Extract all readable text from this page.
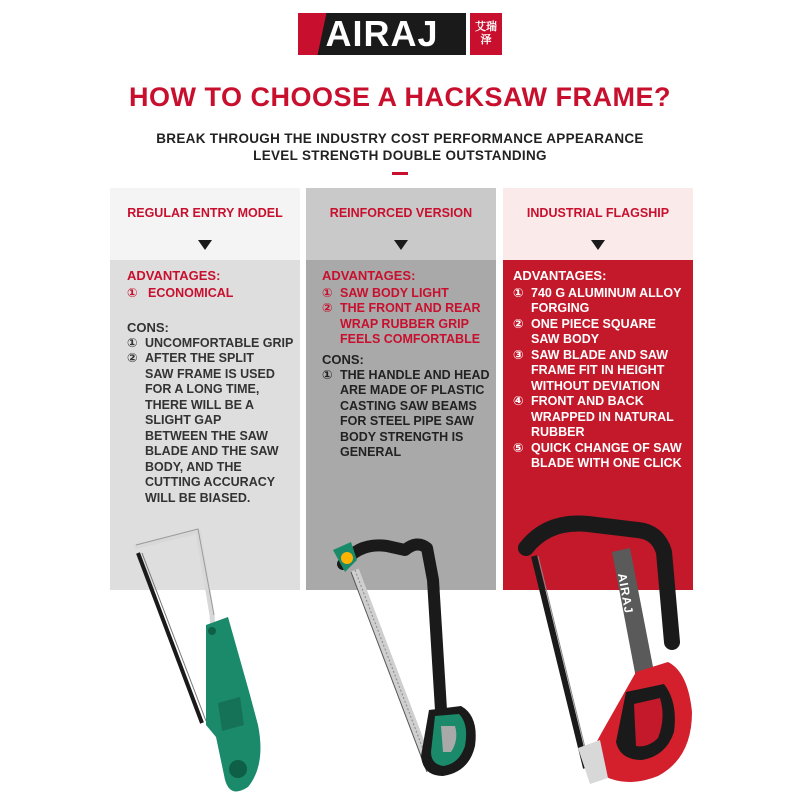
AIRAJ	艾瑞泽
HOW TO CHOOSE A HACKSAW FRAME?
BREAK THROUGH THE INDUSTRY COST PERFORMANCE APPEARANCE
LEVEL STRENGTH DOUBLE OUTSTANDING
REGULAR ENTRY MODEL
ADVANTAGES:
① ECONOMICAL
CONS:
① UNCOMFORTABLE GRIP
② AFTER THE SPLIT SAW FRAME IS USED FOR A LONG TIME, THERE WILL BE A SLIGHT GAP BETWEEN THE SAW BLADE AND THE SAW BODY, AND THE CUTTING ACCURACY WILL BE BIASED.
REINFORCED VERSION
ADVANTAGES:
① SAW BODY LIGHT
② THE FRONT AND REAR WRAP RUBBER GRIP FEELS COMFORTABLE
CONS:
① THE HANDLE AND HEAD ARE MADE OF PLASTIC CASTING SAW BEAMS FOR STEEL PIPE SAW BODY STRENGTH IS GENERAL
INDUSTRIAL FLAGSHIP
ADVANTAGES:
① 740 G ALUMINUM ALLOY FORGING
② ONE PIECE SQUARE SAW BODY
③ SAW BLADE AND SAW FRAME FIT IN HEIGHT WITHOUT DEVIATION
④ FRONT AND BACK WRAPPED IN NATURAL RUBBER
⑤ QUICK CHANGE OF SAW BLADE WITH ONE CLICK
AIRAJ
